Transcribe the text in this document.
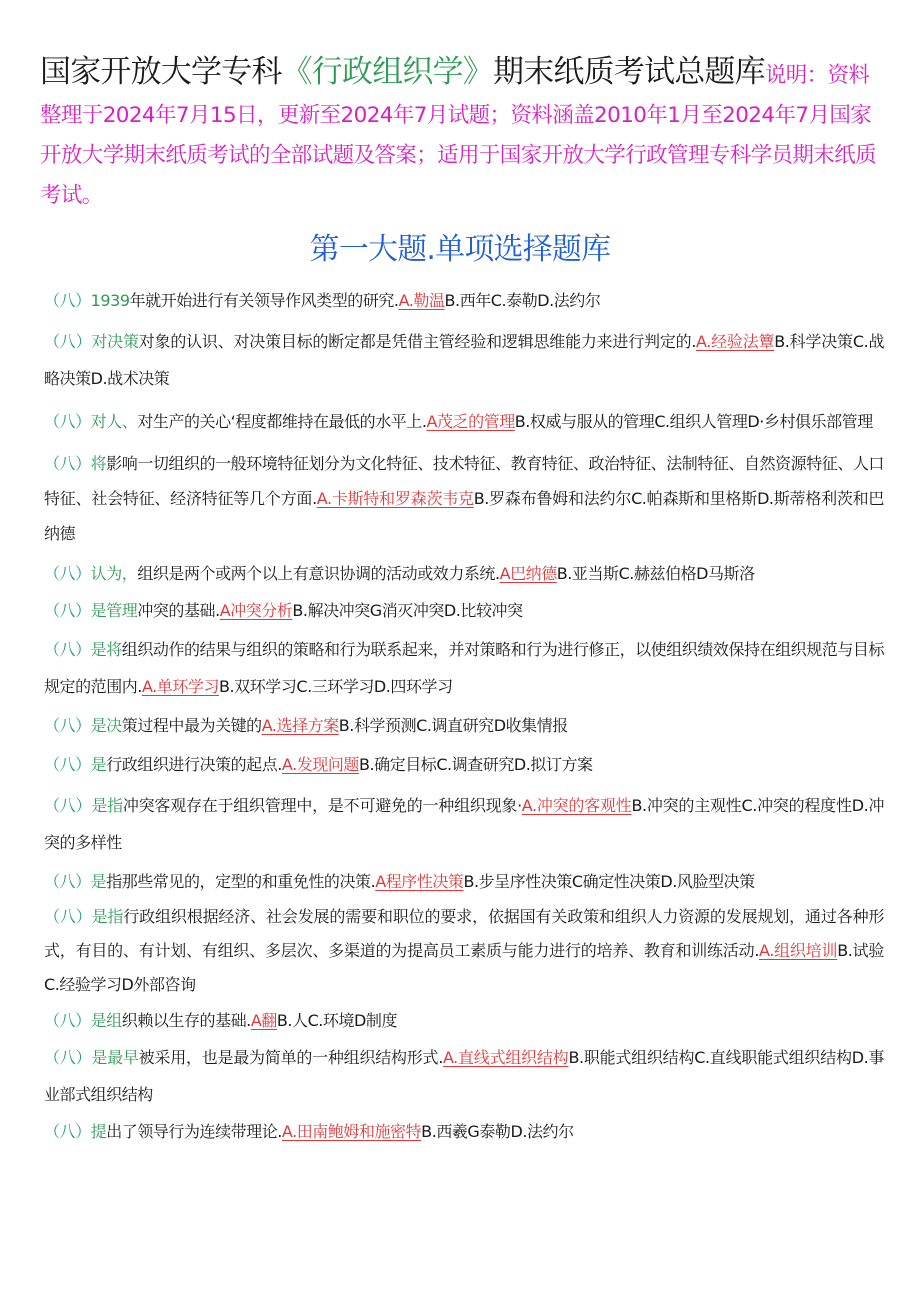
国家开放大学专科《行政组织学》期末纸质考试总题库说明：资料整理于2024年7月15日，更新至2024年7月试题；资料涵盖2010年1月至2024年7月国家开放大学期末纸质考试的全部试题及答案；适用于国家开放大学行政管理专科学员期末纸质考试。
第一大题.单项选择题库

（八）1939年就开始进行有关领导作风类型的研究.A.勒温B.西年C.泰勒D.法约尔

（八）对决策对象的认识、对决策目标的断定都是凭借主管经验和逻辑思维能力来进行判定的.A.经验法簟B.科学决策C.战略决策D.战术决策

（八）对人、对生产的关心‘程度都维持在最低的水平上.A茂乏的管理B.权威与服从的管理C.组织人管理D·乡村俱乐部管理

（八）将影响一切组织的一般环境特征划分为文化特征、技术特征、教育特征、政治特征、法制特征、自然资源特征、人口特征、社会特征、经济特征等几个方面.A.卡斯特和罗森茨韦克B.罗森布鲁姆和法约尔C.帕森斯和里格斯D.斯蒂格利茨和巴纳德

（八）认为，组织是两个或两个以上有意识协调的活动或效力系统.A巴纳德B.亚当斯C.赫兹伯格D马斯洛

（八）是管理冲突的基础.A冲突分析B.解决冲突G消灭冲突D.比较冲突

（八）是将组织动作的结果与组织的策略和行为联系起来，并对策略和行为进行修正，以使组织绩效保持在组织规范与目标规定的范围内.A.单环学习B.双环学习C.三环学习D.四环学习

（八）是决策过程中最为关键的A.选择方案B.科学预测C.调直研究D收集情报

（八）是行政组织进行决策的起点.A.发现问题B.确定目标C.调查研究D.拟订方案

（八）是指冲突客观存在于组织管理中，是不可避免的一种组织现象·A.冲突的客观性B.冲突的主观性C.冲突的程度性D.冲突的多样性

（八）是指那些常见的，定型的和重免性的决策.A程序性决策B.步呈序性决策C确定性决策D.风脸型决策

（八）是指行政组织根据经济、社会发展的需要和职位的要求，依据国有关政策和组织人力资源的发展规划，通过各种形式，有目的、有计划、有组织、多层次、多渠道的为提高员工素质与能力进行的培养、教育和训练活动.A.组织培训B.试验C.经验学习D外部咨询

（八）是组织赖以生存的基础.A翻B.人C.环境D制度

（八）是最早被采用，也是最为简单的一种组织结构形式.A.直线式组织结构B.职能式组织结构C.直线职能式组织结构D.事业部式组织结构

（八）提出了领导行为连续带理论.A.田南鲍姆和施密特B.西羲G泰勒D.法约尔
